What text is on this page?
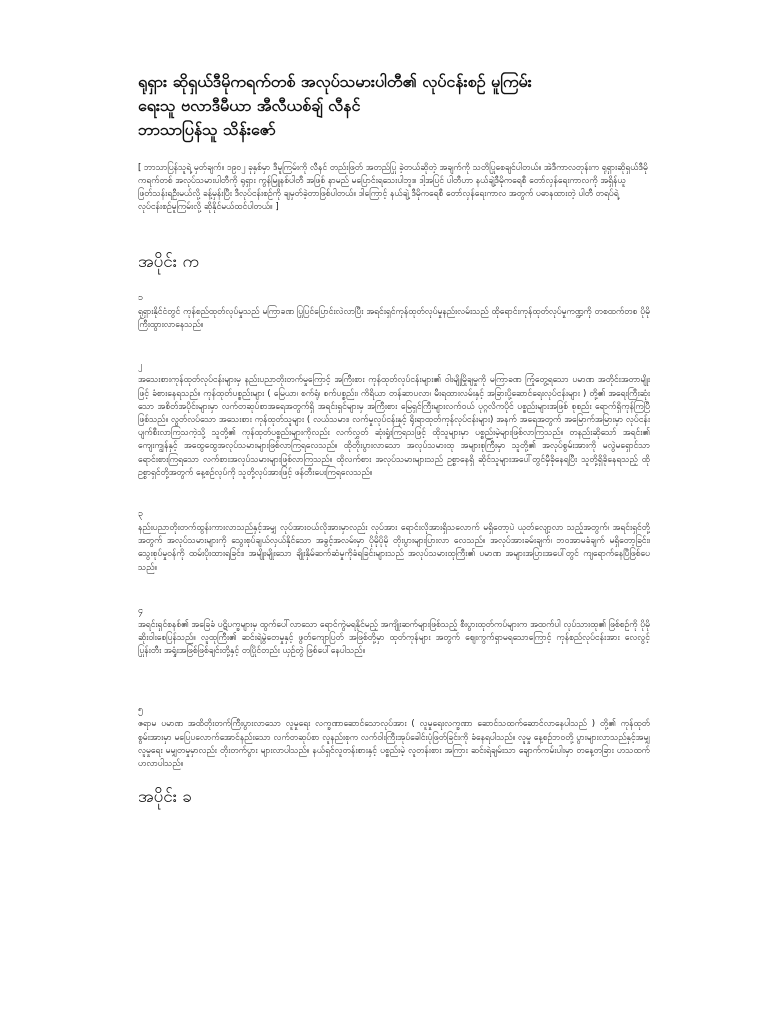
ရုရှား ဆိုရှယ်ဒီမိုကရက်တစ် အလုပ်သမားပါတီ၏ လုပ်ငန်းစဉ် မူကြမ်း
ရေးသူ ဗလာဒီမီယာ အီလီယစ်ချ် လီနင်
ဘာသာပြန်သူ သိန်းဇော်
[ ဘာသာပြန်သူရဲ့ မှတ်ချက်။ ၁၉၀၂ ခုနှစ်မှာ ဒီမူကြမ်းကို လီနင် တည်းဖြတ် အတည်ပြု ခဲ့တယ်ဆိုတဲ့ အချက်ကို သတိပြုစေချင်ပါတယ်။ အဲဒီကာလတုန်းက ရုရှားဆိုရှယ်ဒီမိုကရက်တစ် အလုပ်သမားပါတီကို ရုရှား ကွန်မြူနစ်ပါတီ အဖြစ် နာမည် မပြောင်းရသေးပါဘူး။ ဒါ့အပြင် ပါတီဟာ နယ်ချဲ့ဒီမိုကရေစီ တော်လှန်ရေးကာလကို အရှိန်ယူဖြတ်သန်းရဦးမယ်လို့ ခန့်မှန်းပြီး ဒီလုပ်ငန်းစဉ်ကို ချမှတ်ခဲ့တာဖြစ်ပါတယ်။ ဒါကြောင့် နယ်ချဲ့ ဒီမိုကရေစီ တော်လှန်ရေးကာလ အတွက် ပဓာနထားတဲ့ ပါတီ တရပ်ရဲ့ လုပ်ငန်းစဉ်မူကြမ်းလို့ ဆိုနိုင်မယ်ထင်ပါတယ်။ ]
အပိုင်း က
၁
ရုရှားနိုင်ငံတွင် ကုန်စည်ထုတ်လုပ်မှုသည် မကြာခဏ ပြုပြင်ပြောင်းလဲလာပြီး အရင်းရှင်ကုန်ထုတ်လုပ်မှုနည်းလမ်းသည် ထိုရောင်းကုန်ထုတ်လုပ်မှုကဏ္ဍကို တစထက်တစ ပိုမိုကြီးထွားလာနေသည်။
၂
အသေးစားကုန်ထုတ်လုပ်ငန်းများမှ နည်းပညာတိုးတက်မှုကြောင့် အကြီးစား ကုန်ထုတ်လုပ်ငန်းများ၏ ဝါးမျိုမြိုချမှုကို မကြာခဏ ကြုံတွေ့ရသော ပမာဏ အတိုင်းအတာမျိုးဖြင့် ခံစားနေရသည်။ ကုန်ထုတ်ပစ္စည်းများ ( မြေယာ၊ စက်ရုံ၊ စက်ပစ္စည်း၊ ကိရိယာ တန်ဆာပလာ၊ မီးရထားလမ်းနှင့် အခြားပို့ဆောင်ရေးလုပ်ငန်းများ ) တို့၏ အရေးကြီးဆုံးသော အစိတ်အပိုင်းများမှာ လက်တဆုပ်စာအရေအတွက်ရှိ အရင်းရှင်များမှ အကြီးစား မြေရှင်ကြီးများလက်ဝယ် ပုဂ္ဂလိကပိုင် ပစ္စည်းများအဖြစ် စုစည်း ရောက်ရှိကုန်ကြပြီဖြစ်သည်။ လွတ်လပ်သော အသေးစား ကုန်ထုတ်သူများ ( လယ်သမား၊ လက်မှုလုပ်ငန်းနှင့် ရိုးရာထုတ်ကုန်လုပ်ငန်းများ) အနက် အရေအတွက် အမြောက်အမြားမှာ လုပ်ငန်း ပျက်စီးလာကြသကဲ့သို့ သူတို့၏ ကုန်ထုတ်ပစ္စည်းများကိုလည်း လက်လွှတ် ဆုံးရှုံးကြရသဖြင့် ထိုသူများမှာ ပစ္စည်းမဲ့များဖြစ်လာကြသည်။ တနည်းဆိုသော် အရင်း၏ ကျေးကျွန်နှင့် အထွေထွေအလုပ်သမားများဖြစ်လာကြရလေသည်။ ထိုတိုးပွားလာသော အလုပ်သမားထု အများစုကြီးမှာ သူတို့၏ အလုပ်စွမ်းအားကို မလွဲမရှောင်သာ ရောင်းစားကြရသော လက်စားအလုပ်သမားများဖြစ်လာကြသည်။ ထိုလက်စား အလုပ်သမားများသည် ဥစ္စာနေရှိ ဆိုင်သူများအပေါ်တွင်မှီခိုနေရပြီး သူတို့ရှိခိုနေရသည့် ထိုဥစ္စာရှင်တို့အတွက် နေ့စဉ်လုပ်ကို သူတို့လုပ်အားဖြင့် ဖန်တီးပေးကြရလေသည်။
၃
နည်းပညာတိုးတက်ထွန်းကားလာသည်နှင့်အမျှ လုပ်အားဝယ်လိုအားမှာလည်း လုပ်အား ရောင်းလိုအားရှိသလောက် မရှိတော့ပဲ ယုတ်လျော့လာ သည့်အတွက်၊ အရင်းရှင်တို့အတွက် အလုပ်သမားများကို သွေးစုပ်ချယ်လှယ်နိုင်သော အခွင့်အလမ်းမှာ ပိုမိုပိုမို တိုးပွားများပြားလာ လေသည်။ အလုပ်အားခမ်းချက်၊ ဘဝအာမခံချက် မရှိတော့ခြင်း၊ သွေးစုပ်မှုဝန်ကို ထမ်းပိုးထားရခြင်း၊ အမျိုးမျိုးသော ချိုးနှိမ်ဆက်ဆံမှုကိုခံရခြင်းများသည် အလုပ်သမားထုကြီး၏ ပမာဏ အများအပြားအပေါ်တွင် ကျရောက်နေပြီဖြစ်ပေသည်။
၄
အရင်းရှင်စနစ်၏ အခြေခံ ပဋိပက္ခများမှ ထွက်ပေါ်လာသော ရောင်ကွဲမရနိုင်မည့် အကျိုးဆက်များဖြစ်သည့် စီးပွားထုတ်ကပ်များက အထက်ပါ လုပ်သားထု၏ ဖြစ်စဉ်ကို ပိုမို ဆိုးဝါးစေပြန်သည်။ လူထုကြီး၏ ဆင်းရဲမွဲတေမှုနှင့် ဖွတ်ကျောပြတ် အဖြစ်တို့မှာ ထုတ်ကုန်များ အတွက် ဈေးကွက်ရှာမရသောကြောင့် ကုန်စည်လုပ်ငန်းအား လေလွင့်ပြုန်းတီး အရှုံးအဖြစ်ဖြစ်ချင်းတို့နှင့် တပြိုင်တည်း ယှဉ်တွဲ ဖြစ်ပေါ်နေပါသည်။
၅
ဇရာမ ပမာဏ အထိတိုးတက်ကြီးပွားလာသော လူမှုရေး လက္ခဏာဆောင်သောလုပ်အား ( လူမှုရေးလက္ခဏာ ဆောင်သထက်ဆောင်လာနေပါသည် ) တို့၏ ကုန်ထုတ်စွမ်းအားမှာ မပြေပလောက်အောင်နည်းသော လက်တဆုပ်စာ လူနည်းစုက လက်ဝါးကြီးအုပ်ခေါင်းပုံဖြတ်ခြင်းကို ခံနေရပါသည်။ လူမှု နေ့စဉ်ဘဝတို့ ပွားများလာသည်နှင့်အမျှ လူမှုရေး မမျှတမှုမှာလည်း တိုးတက်ပွား များလာပါသည်။ နယ်ရှင်လူတန်းစားနှင့် ပစ္စည်းမဲ့ လူတန်းစား အကြား ဆင်းရဲချမ်းသာ ချောက်ကမ်းပါးမှာ တနေ့တခြား ဟသထက်ဟလာပါသည်။
အပိုင်း ခ
